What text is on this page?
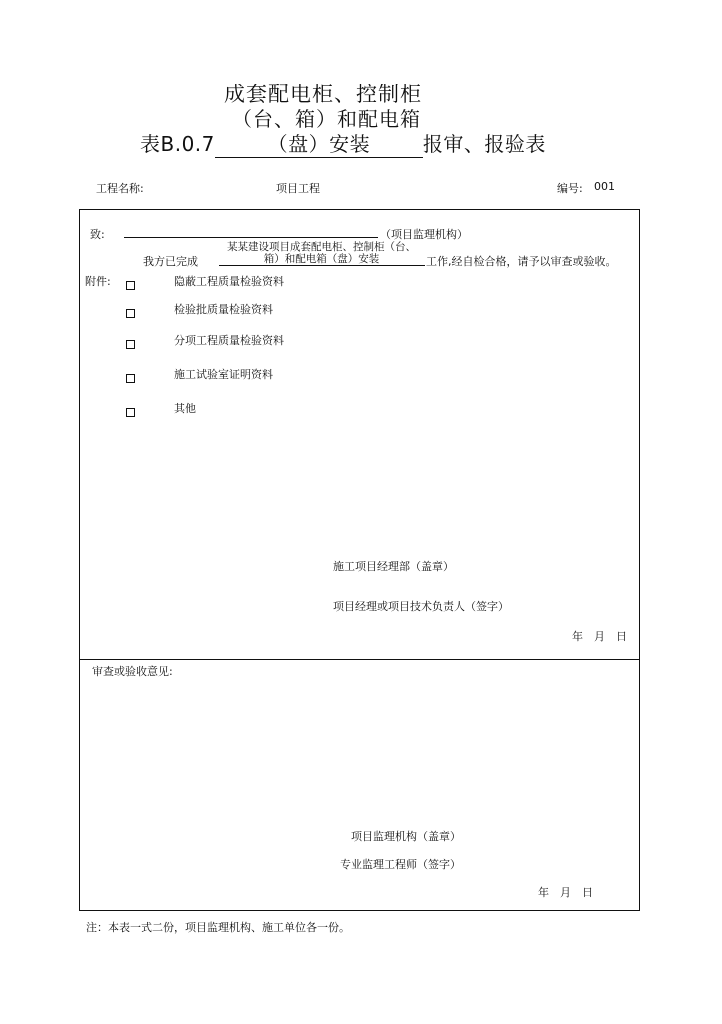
成套配电柜、控制柜
（台、箱）和配电箱
表B.0.7	（盘）安装	报审、报验表
工程名称:	项目工程	编号: 001
致:	（项目监理机构）
我方已完成
某某建设项目成套配电柜、控制柜（台、
箱）和配电箱（盘）安装	工作,经自检合格，请予以审查或验收。
附件:	隐蔽工程质量检验资料
检验批质量检验资料
分项工程质量检验资料
施工试验室证明资料
其他
施工项目经理部（盖章）
项目经理或项目技术负责人（签字）
年　月　日
审查或验收意见:
项目监理机构（盖章）
专业监理工程师（签字）
年　月　日
注：本表一式二份，项目监理机构、施工单位各一份。
